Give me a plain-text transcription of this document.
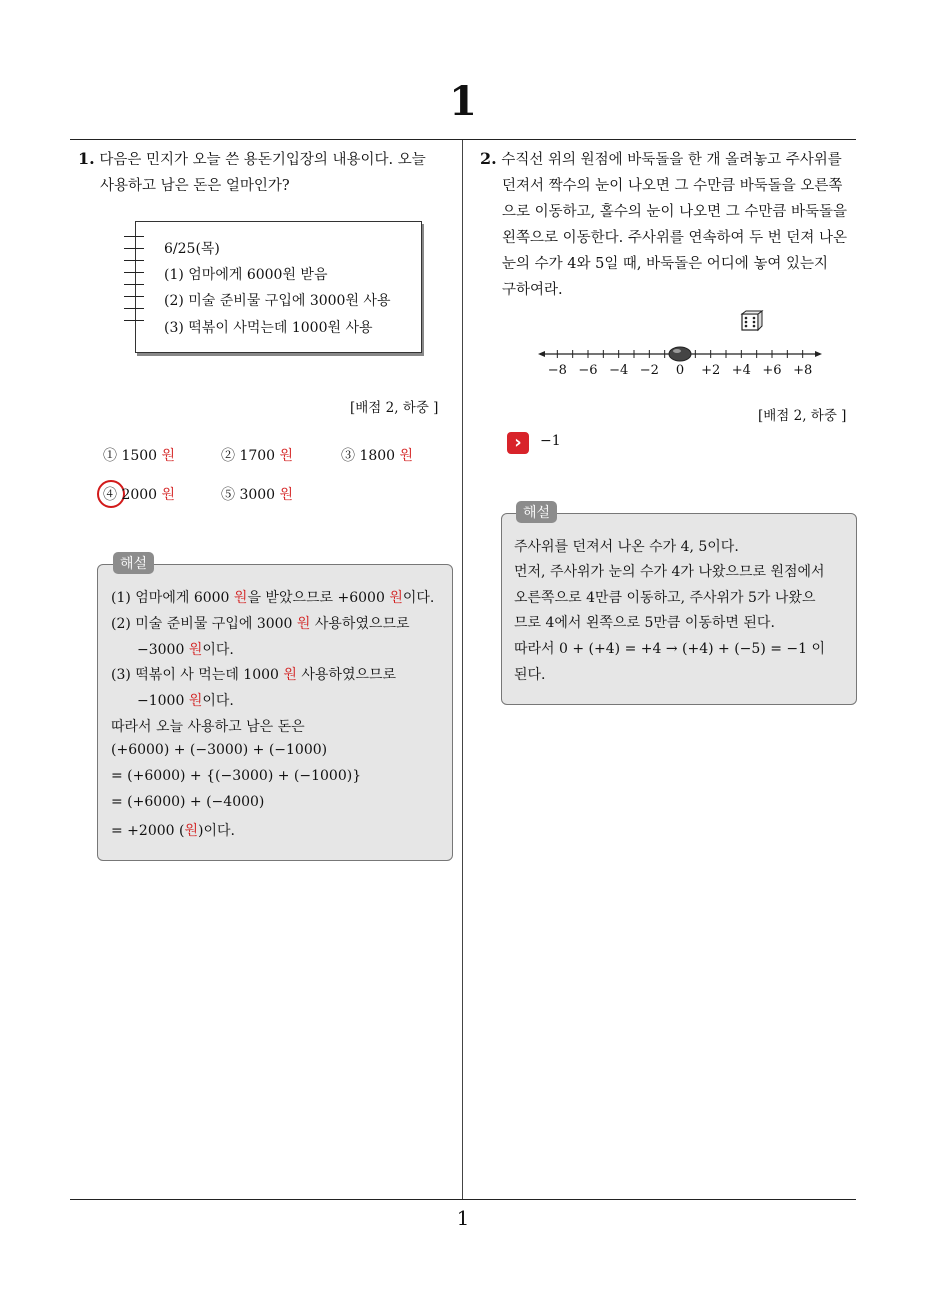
1
1
1. 다음은 민지가 오늘 쓴 용돈기입장의 내용이다. 오늘
사용하고 남은 돈은 얼마인가?
6/25(목)
(1) 엄마에게 6000원 받음
(2) 미술 준비물 구입에 3000원 사용
(3) 떡볶이 사먹는데 1000원 사용
[배점 2, 하중 ]
① 1500 원	② 1700 원	③ 1800 원
④ 2000 원	⑤ 3000 원
해설
(1) 엄마에게 6000 원을 받았으므로 +6000 원이다.
(2) 미술 준비물 구입에 3000 원 사용하였으므로
−3000 원이다.
(3) 떡볶이 사 먹는데 1000 원 사용하였으므로
−1000 원이다.
따라서 오늘 사용하고 남은 돈은
(+6000) + (−3000) + (−1000)
= (+6000) + {(−3000) + (−1000)}
= (+6000) + (−4000)
= +2000 (원)이다.
2. 수직선 위의 원점에 바둑돌을 한 개 올려놓고 주사위를
던져서 짝수의 눈이 나오면 그 수만큼 바둑돌을 오른쪽
으로 이동하고, 홀수의 눈이 나오면 그 수만큼 바둑돌을
왼쪽으로 이동한다. 주사위를 연속하여 두 번 던져 나온
눈의 수가 4와 5일 때, 바둑돌은 어디에 놓여 있는지
구하여라.
−8 −6 −4 −2 0 +2 +4 +6 +8
[배점 2, 하중 ]
›	−1
해설
주사위를 던져서 나온 수가 4, 5이다.
먼저, 주사위가 눈의 수가 4가 나왔으므로 원점에서
오른쪽으로 4만큼 이동하고, 주사위가 5가 나왔으
므로 4에서 왼쪽으로 5만큼 이동하면 된다.
따라서 0 + (+4) = +4 → (+4) + (−5) = −1 이
된다.
